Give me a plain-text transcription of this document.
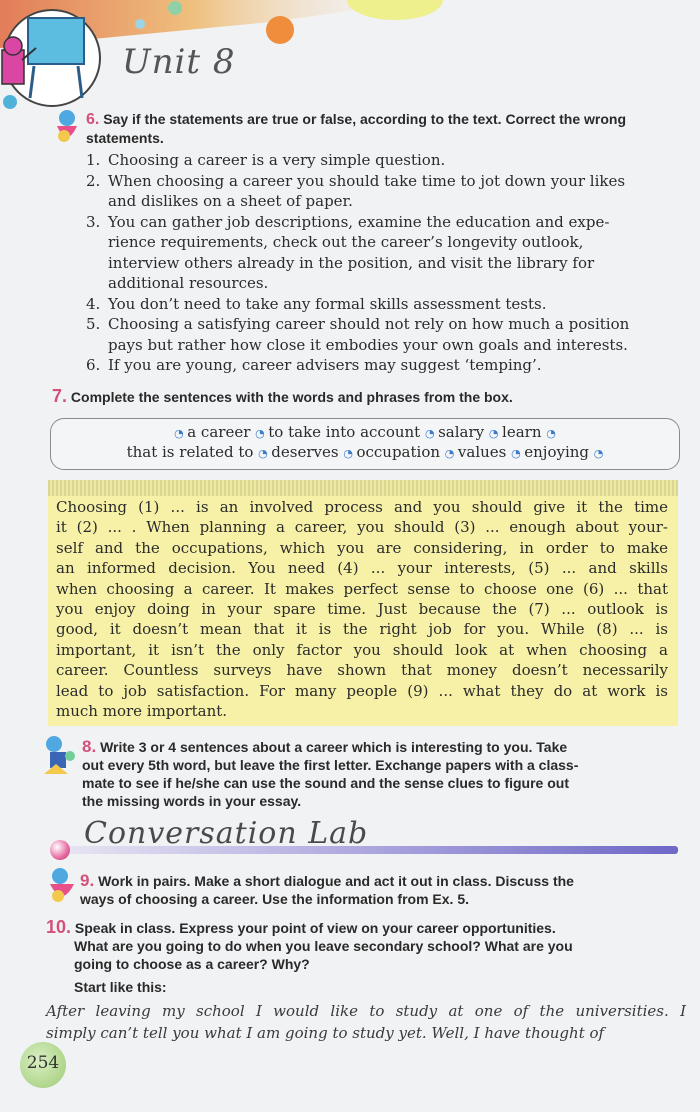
Unit 8
6. Say if the statements are true or false, according to the text. Correct the wrong statements.
1. Choosing a career is a very simple question.
2. When choosing a career you should take time to jot down your likes
and dislikes on a sheet of paper.
3. You can gather job descriptions, examine the education and expe-
rience requirements, check out the career’s longevity outlook,
interview others already in the position, and visit the library for
additional resources.
4. You don’t need to take any formal skills assessment tests.
5. Choosing a satisfying career should not rely on how much a position
pays but rather how close it embodies your own goals and interests.
6. If you are young, career advisers may suggest ‘temping’.
7. Complete the sentences with the words and phrases from the box.
◔ a career ◔ to take into account ◔ salary ◔ learn ◔
that is related to ◔ deserves ◔ occupation ◔ values ◔ enjoying ◔
Choosing (1) ... is an involved process and you should give it the time
it (2) ... . When planning a career, you should (3) ... enough about your-
self and the occupations, which you are considering, in order to make
an informed decision. You need (4) ... your interests, (5) ... and skills
when choosing a career. It makes perfect sense to choose one (6) ... that
you enjoy doing in your spare time. Just because the (7) ... outlook is
good, it doesn’t mean that it is the right job for you. While (8) ... is
important, it isn’t the only factor you should look at when choosing a
career. Countless surveys have shown that money doesn’t necessarily
lead to job satisfaction. For many people (9) ... what they do at work is
much more important.
8. Write 3 or 4 sentences about a career which is interesting to you. Take
out every 5th word, but leave the first letter. Exchange papers with a class-
mate to see if he/she can use the sound and the sense clues to figure out
the missing words in your essay.
Conversation Lab
9. Work in pairs. Make a short dialogue and act it out in class. Discuss the
ways of choosing a career. Use the information from Ex. 5.
10. Speak in class. Express your point of view on your career opportunities.
What are you going to do when you leave secondary school? What are you
going to choose as a career? Why?
Start like this:
After leaving my school I would like to study at one of the universities. I
simply can’t tell you what I am going to study yet. Well, I have thought of
254
